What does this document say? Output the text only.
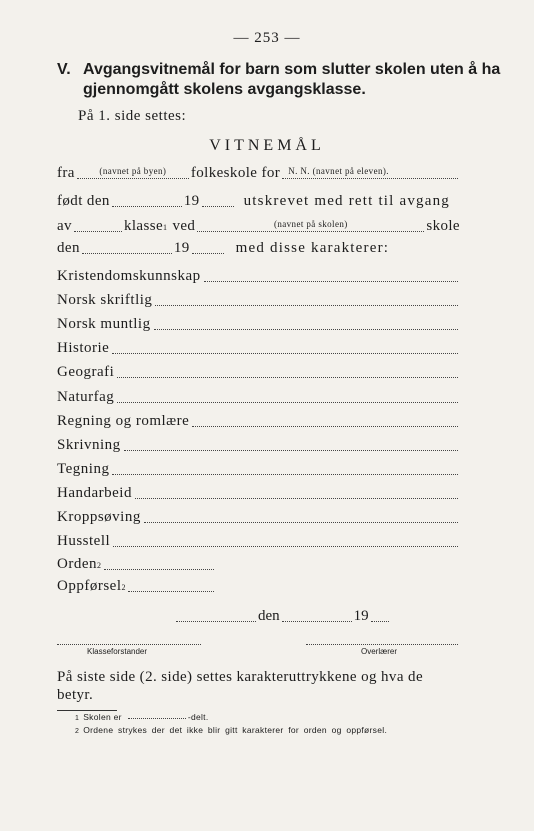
— 253 —
V. Avgangsvitnemål for barn som slutter skolen uten å ha
gjennomgått skolens avgangsklasse.
På 1. side settes:
VITNEMÅL
fra	(navnet på byen)	folkeskole for N. N. (navnet på eleven).
født den	19	utskrevet med rett til avgang
av	klasse 1 ved	(navnet på skolen)	skole
den	19	med disse karakterer:
Kristendomskunnskap
Norsk skriftlig
Norsk muntlig
Historie
Geografi
Naturfag
Regning og romlære
Skrivning
Tegning
Handarbeid
Kroppsøving
Husstell
Orden 2
Oppførsel 2
den	19
Klasseforstander	Overlærer
På siste side (2. side) settes karakteruttrykkene og hva de betyr.
1 Skolen er	-delt.
2 Ordene strykes der det ikke blir gitt karakterer for orden og oppførsel.
